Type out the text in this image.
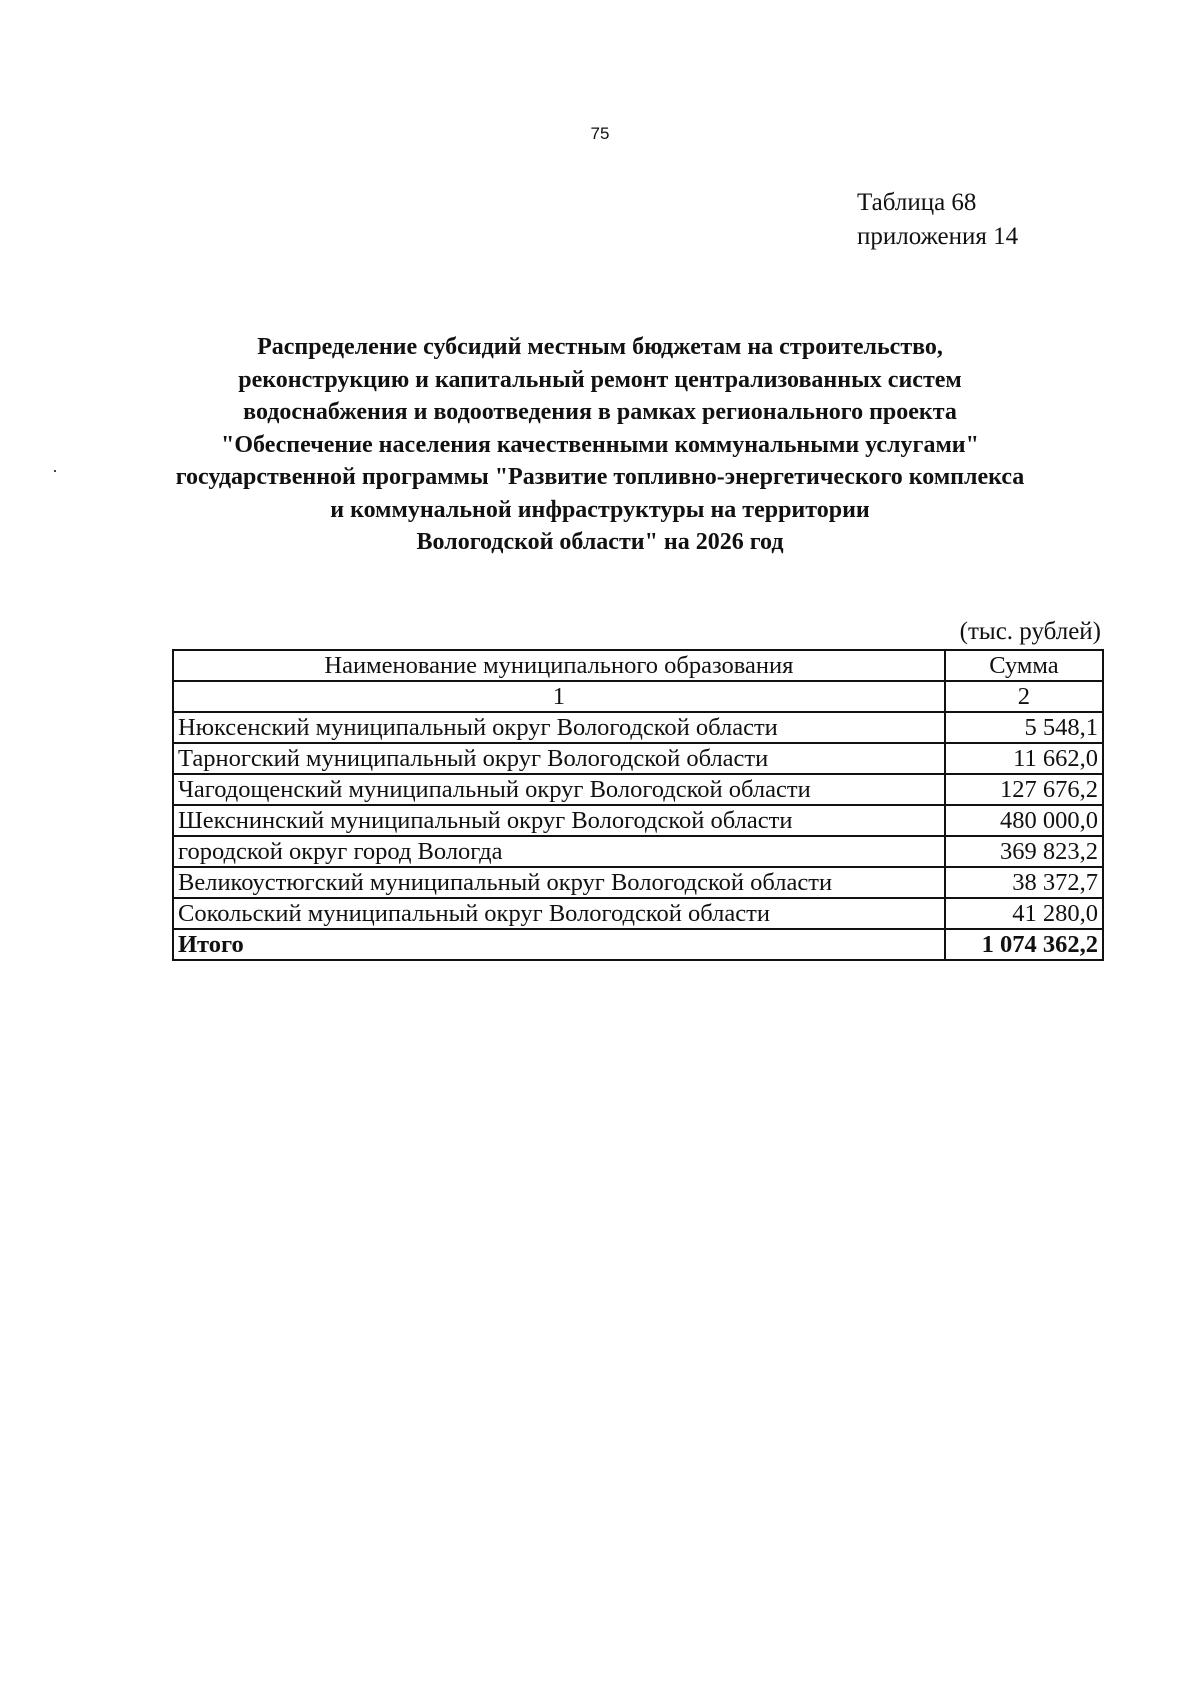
75
Таблица 68
приложения 14
Распределение субсидий местным бюджетам на строительство,
реконструкцию и капитальный ремонт централизованных систем
водоснабжения и водоотведения в рамках регионального проекта
"Обеспечение населения качественными коммунальными услугами"
государственной программы "Развитие топливно-энергетического комплекса
и коммунальной инфраструктуры на территории
Вологодской области" на 2026 год
(тыс. рублей)
Наименование муниципального образования	Сумма
1	2
Нюксенский муниципальный округ Вологодской области	5 548,1
Тарногский муниципальный округ Вологодской области	11 662,0
Чагодощенский муниципальный округ Вологодской области	127 676,2
Шекснинский муниципальный округ Вологодской области	480 000,0
городской округ город Вологда	369 823,2
Великоустюгский муниципальный округ Вологодской области	38 372,7
Сокольский муниципальный округ Вологодской области	41 280,0
Итого	1 074 362,2
